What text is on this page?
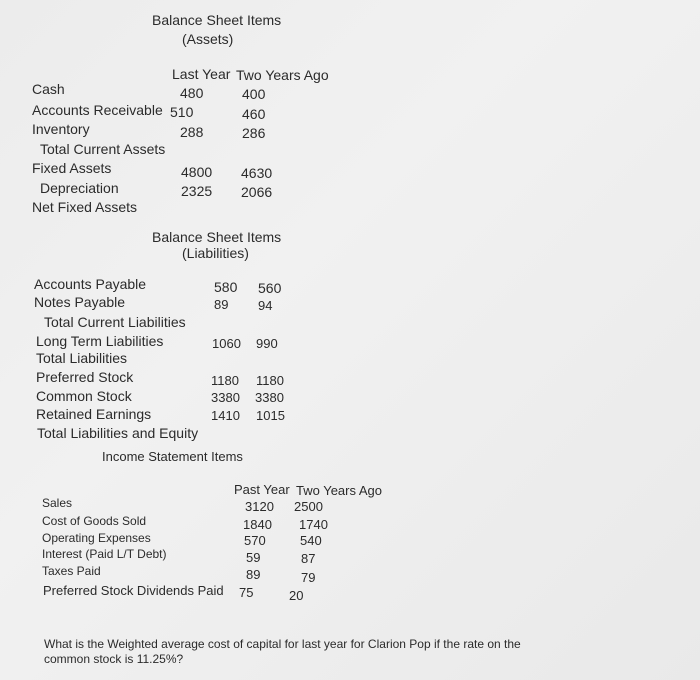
Balance Sheet Items
(Assets)
Last Year Two Years Ago
Cash	480	400
Accounts Receivable 510	460
Inventory	288	286
Total Current Assets
Fixed Assets	4800 4630
Depreciation	2325 2066
Net Fixed Assets
Balance Sheet Items
(Liabilities)
Accounts Payable	580 560
Notes Payable	89 94
Total Current Liabilities
Long Term Liabilities	1060 990
Total Liabilities
Preferred Stock	1180 1180
Common Stock	3380 3380
Retained Earnings	1410 1015
Total Liabilities and Equity
Income Statement Items
Past Year Two Years Ago
Sales	3120 2500
Cost of Goods Sold	1840 1740
Operating Expenses	570	540
Interest (Paid L/T Debt)	59	87
Taxes Paid	89	79
Preferred Stock Dividends Paid 75	20
What is the Weighted average cost of capital for last year for Clarion Pop if the rate on the
common stock is 11.25%?
